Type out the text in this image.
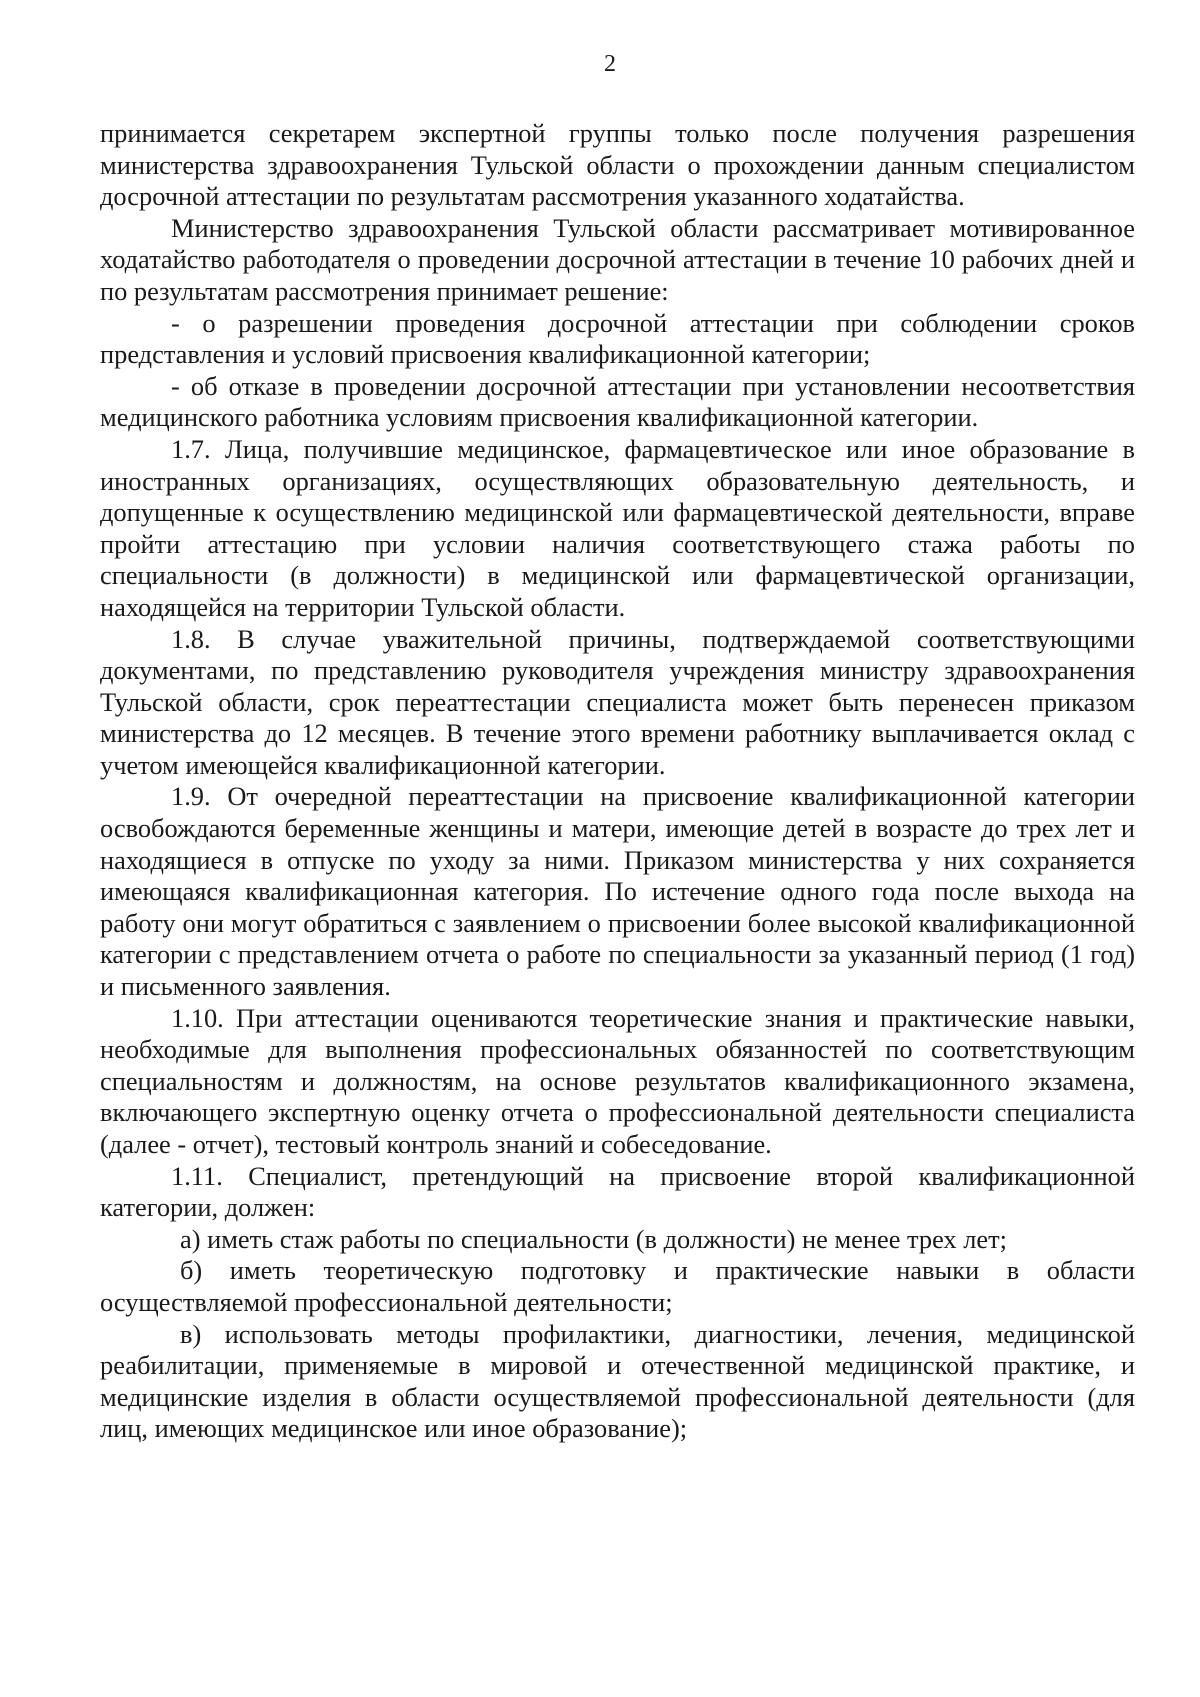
2

принимается секретарем экспертной группы только после получения разрешения министерства здравоохранения Тульской области о прохождении данным специалистом досрочной аттестации по результатам рассмотрения указанного ходатайства.

Министерство здравоохранения Тульской области рассматривает мотивированное ходатайство работодателя о проведении досрочной аттестации в течение 10 рабочих дней и по результатам рассмотрения принимает решение:

- о разрешении проведения досрочной аттестации при соблюдении сроков представления и условий присвоения квалификационной категории;

- об отказе в проведении досрочной аттестации при установлении несоответствия медицинского работника условиям присвоения квалификационной категории.

1.7. Лица, получившие медицинское, фармацевтическое или иное образование в иностранных организациях, осуществляющих образовательную деятельность, и допущенные к осуществлению медицинской или фармацевтической деятельности, вправе пройти аттестацию при условии наличия соответствующего стажа работы по специальности (в должности) в медицинской или фармацевтической организации, находящейся на территории Тульской области.

1.8. В случае уважительной причины, подтверждаемой соответствующими документами, по представлению руководителя учреждения министру здравоохранения Тульской области, срок переаттестации специалиста может быть перенесен приказом министерства до 12 месяцев. В течение этого времени работнику выплачивается оклад с учетом имеющейся квалификационной категории.

1.9. От очередной переаттестации на присвоение квалификационной категории освобождаются беременные женщины и матери, имеющие детей в возрасте до трех лет и находящиеся в отпуске по уходу за ними. Приказом министерства у них сохраняется имеющаяся квалификационная категория. По истечение одного года после выхода на работу они могут обратиться с заявлением о присвоении более высокой квалификационной категории с представлением отчета о работе по специальности за указанный период (1 год) и письменного заявления.

1.10. При аттестации оцениваются теоретические знания и практические навыки, необходимые для выполнения профессиональных обязанностей по соответствующим специальностям и должностям, на основе результатов квалификационного экзамена, включающего экспертную оценку отчета о профессиональной деятельности специалиста (далее - отчет), тестовый контроль знаний и собеседование.

1.11. Специалист, претендующий на присвоение второй квалификационной категории, должен:

а) иметь стаж работы по специальности (в должности) не менее трех лет;

б) иметь теоретическую подготовку и практические навыки в области осуществляемой профессиональной деятельности;

в) использовать методы профилактики, диагностики, лечения, медицинской реабилитации, применяемые в мировой и отечественной медицинской практике, и медицинские изделия в области осуществляемой профессиональной деятельности (для лиц, имеющих медицинское или иное образование);
